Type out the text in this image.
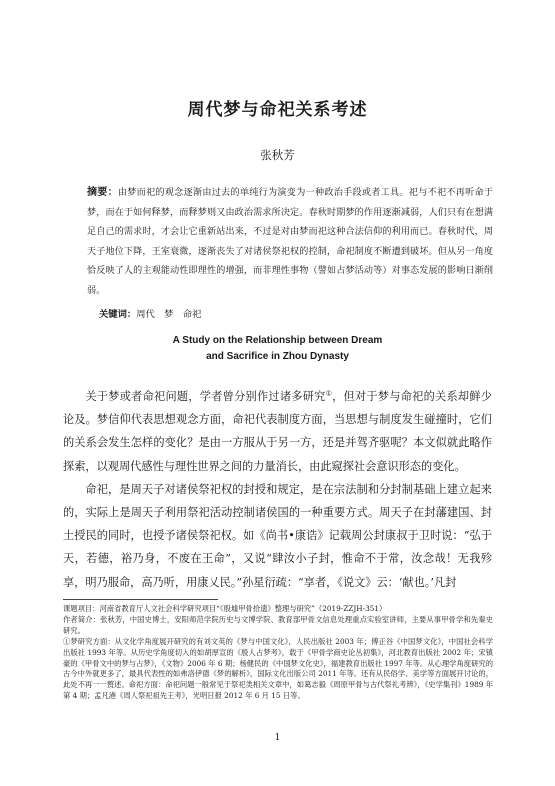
周代梦与命祀关系考述
张秋芳
摘要：由梦而祀的观念逐渐由过去的单纯行为演变为一种政治手段或者工具。祀与不祀不再听命于梦，而在于如何释梦，而释梦则又由政治需求所决定。春秋时期梦的作用逐渐减弱，人们只有在想满足自己的需求时，才会让它重新站出来，不过是对由梦而祀这种合法信仰的利用而已。春秋时代，周天子地位下降，王室衰微，逐渐丧失了对诸侯祭祀权的控制，命祀制度不断遭到破坏。但从另一角度恰反映了人的主观能动性即理性的增强，而非理性事物（譬如占梦活动等）对事态发展的影响日渐削弱。
关键词：周代　梦　命祀
A Study on the Relationship between Dream
and Sacrifice in Zhou Dynasty

关于梦或者命祀问题，学者曾分别作过诸多研究①，但对于梦与命祀的关系却鲜少论及。梦信仰代表思想观念方面，命祀代表制度方面，当思想与制度发生碰撞时，它们的关系会发生怎样的变化？是由一方服从于另一方，还是并驾齐驱呢？本文似就此略作探索，以观周代感性与理性世界之间的力量消长，由此窥探社会意识形态的变化。

命祀，是周天子对诸侯祭祀权的封授和规定，是在宗法制和分封制基础上建立起来的，实际上是周天子利用祭祀活动控制诸侯国的一种重要方式。周天子在封藩建国、封土授民的同时，也授予诸侯祭祀权。如《尚书•康诰》记载周公封康叔于卫时说：“弘于天，若德，裕乃身，不废在王命”，又说“肆汝小子封，惟命不于常，汝念哉！无我殄享，明乃服命，高乃听，用康乂民。”孙星衍疏：“享者，《说文》云：‘献也。’凡封

课题项目：河南省教育厅人文社会科学研究项目“《殷墟甲骨拾遗》整理与研究”（2019-ZZJH-351）

作者简介：张秋芳，中国史博士，安阳师范学院历史与文博学院、教育部甲骨文信息处理重点实验室讲师，主要从事甲骨学和先秦史研究。

①梦研究方面：从文化学角度展开研究的有刘文英的《梦与中国文化》，人民出版社 2003 年；傅正谷《中国梦文化》，中国社会科学出版社 1993 年等。从历史学角度切入的如胡厚宣的《殷人占梦考》，载于《甲骨学商史论丛初集》，河北教育出版社 2002 年；宋镇豪的《甲骨文中的梦与占梦》，《文物》2006 年 6 期；杨健民的《中国梦文化史》，福建教育出版社 1997 年等。从心理学角度研究的古今中外就更多了，最具代表性的如弗洛伊德《梦的解析》，国际文化出版公司 2011 年等。还有从民俗学、美学等方面展开讨论的，此处不再一一赘述。命祀方面：命祀问题一般常见于祭祀类相关文章中，如葛志毅《周原甲骨与古代祭礼考辨》，《史学集刊》1989 年第 4 期；孟凡港《周人祭祀祖先王考》，光明日报 2012 年 6 月 15 日等。

1
